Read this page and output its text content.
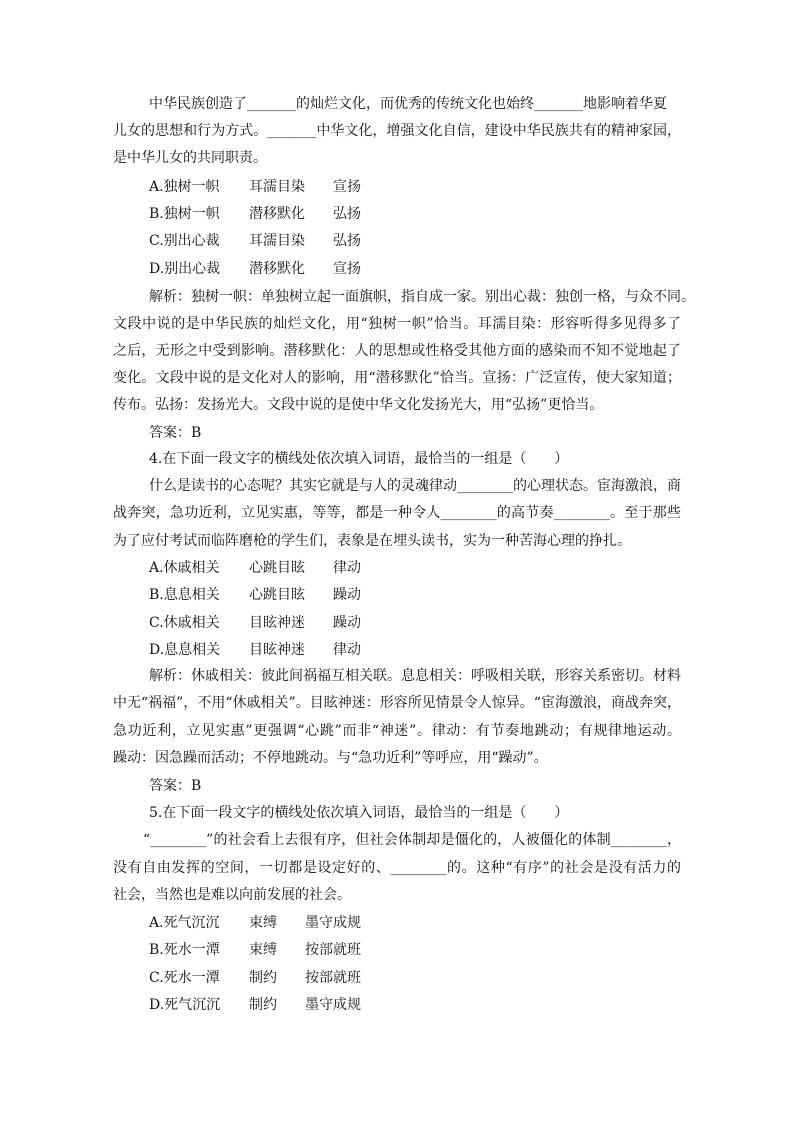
中华民族创造了_______的灿烂文化，而优秀的传统文化也始终_______地影响着华夏
儿女的思想和行为方式。_______中华文化，增强文化自信，建设中华民族共有的精神家园，
是中华儿女的共同职责。
A.独树一帜 耳濡目染 宣扬
B.独树一帜 潜移默化 弘扬
C.别出心裁 耳濡目染 弘扬
D.别出心裁 潜移默化 宣扬
解析：独树一帜：单独树立起一面旗帜，指自成一家。别出心裁：独创一格，与众不同。
文段中说的是中华民族的灿烂文化，用“独树一帜”恰当。耳濡目染：形容听得多见得多了
之后，无形之中受到影响。潜移默化：人的思想或性格受其他方面的感染而不知不觉地起了
变化。文段中说的是文化对人的影响，用“潜移默化”恰当。宣扬：广泛宣传，使大家知道；
传布。弘扬：发扬光大。文段中说的是使中华文化发扬光大，用“弘扬”更恰当。
答案：B
4.在下面一段文字的横线处依次填入词语，最恰当的一组是（　　）
什么是读书的心态呢？其实它就是与人的灵魂律动________的心理状态。宦海激浪，商
战奔突，急功近利，立见实惠，等等，都是一种令人________的高节奏________。至于那些
为了应付考试而临阵磨枪的学生们，表象是在埋头读书，实为一种苦海心理的挣扎。
A.休戚相关 心跳目眩 律动
B.息息相关 心跳目眩 躁动
C.休戚相关 目眩神迷 躁动
D.息息相关 目眩神迷 律动
解析：休戚相关：彼此间祸福互相关联。息息相关：呼吸相关联，形容关系密切。材料
中无“祸福”，不用“休戚相关”。目眩神迷：形容所见情景令人惊异。“宦海激浪，商战奔突，
急功近利，立见实惠”更强调“心跳”而非“神迷”。律动：有节奏地跳动；有规律地运动。
躁动：因急躁而活动；不停地跳动。与“急功近利”等呼应，用“躁动”。
答案：B
5.在下面一段文字的横线处依次填入词语，最恰当的一组是（　　）
“________”的社会看上去很有序，但社会体制却是僵化的，人被僵化的体制________，
没有自由发挥的空间，一切都是设定好的、________的。这种“有序”的社会是没有活力的
社会，当然也是难以向前发展的社会。
A.死气沉沉 束缚 墨守成规
B.死水一潭 束缚 按部就班
C.死水一潭 制约 按部就班
D.死气沉沉 制约 墨守成规
